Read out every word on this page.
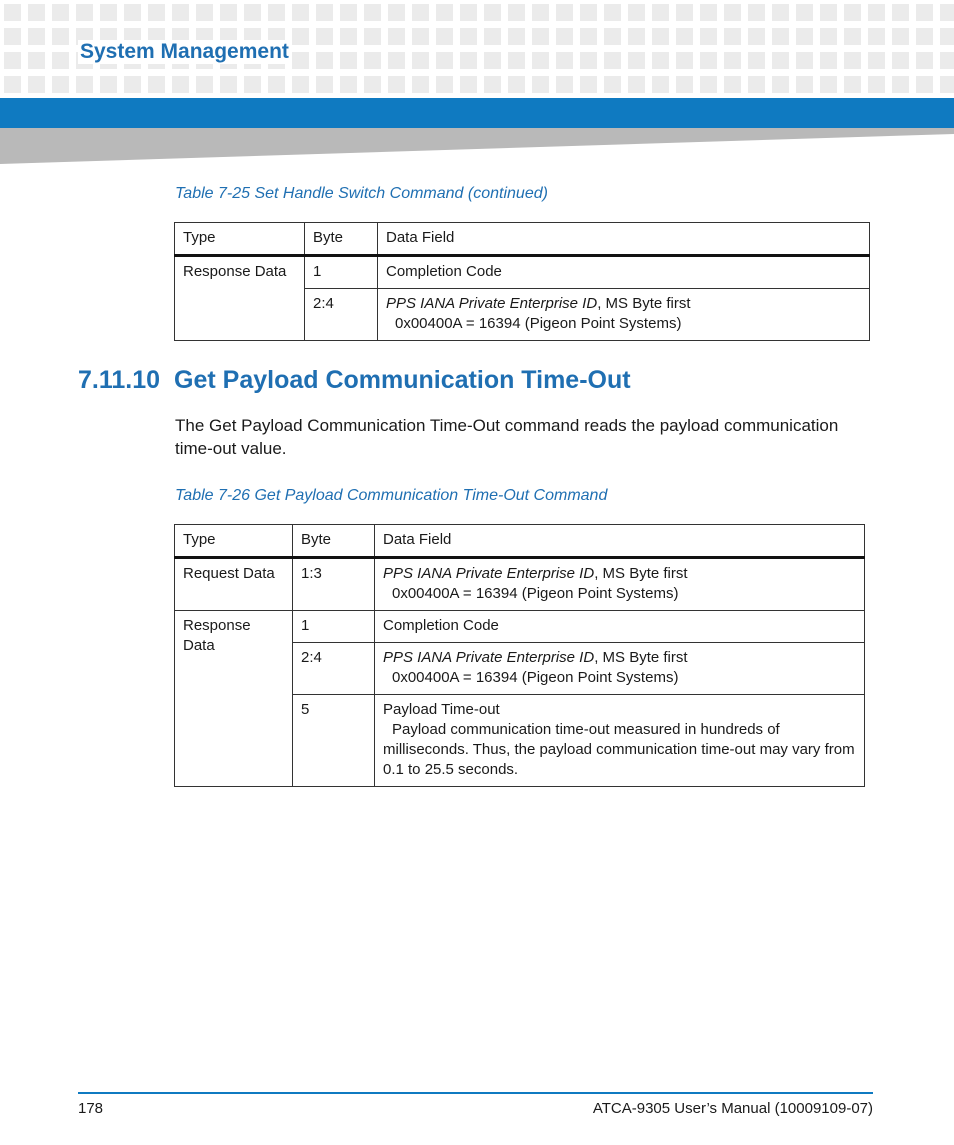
System Management

Table 7-25 Set Handle Switch Command (continued)

Type	Byte	Data Field
Response Data	1	Completion Code
	2:4	PPS IANA Private Enterprise ID, MS Byte first
0x00400A = 16394 (Pigeon Point Systems)
7.11.10 Get Payload Communication Time-Out

The Get Payload Communication Time-Out command reads the payload communication time-out value.

Table 7-26 Get Payload Communication Time-Out Command

Type	Byte	Data Field
Request Data	1:3	PPS IANA Private Enterprise ID, MS Byte first
0x00400A = 16394 (Pigeon Point Systems)

Response Data	1	Completion Code
	2:4	PPS IANA Private Enterprise ID, MS Byte first
0x00400A = 16394 (Pigeon Point Systems)

	5	Payload Time-out
Payload communication time-out measured in hundreds of
milliseconds. Thus, the payload communication time-out may vary from 0.1 to 25.5 seconds.

178	ATCA-9305 User’s Manual (10009109-07)
